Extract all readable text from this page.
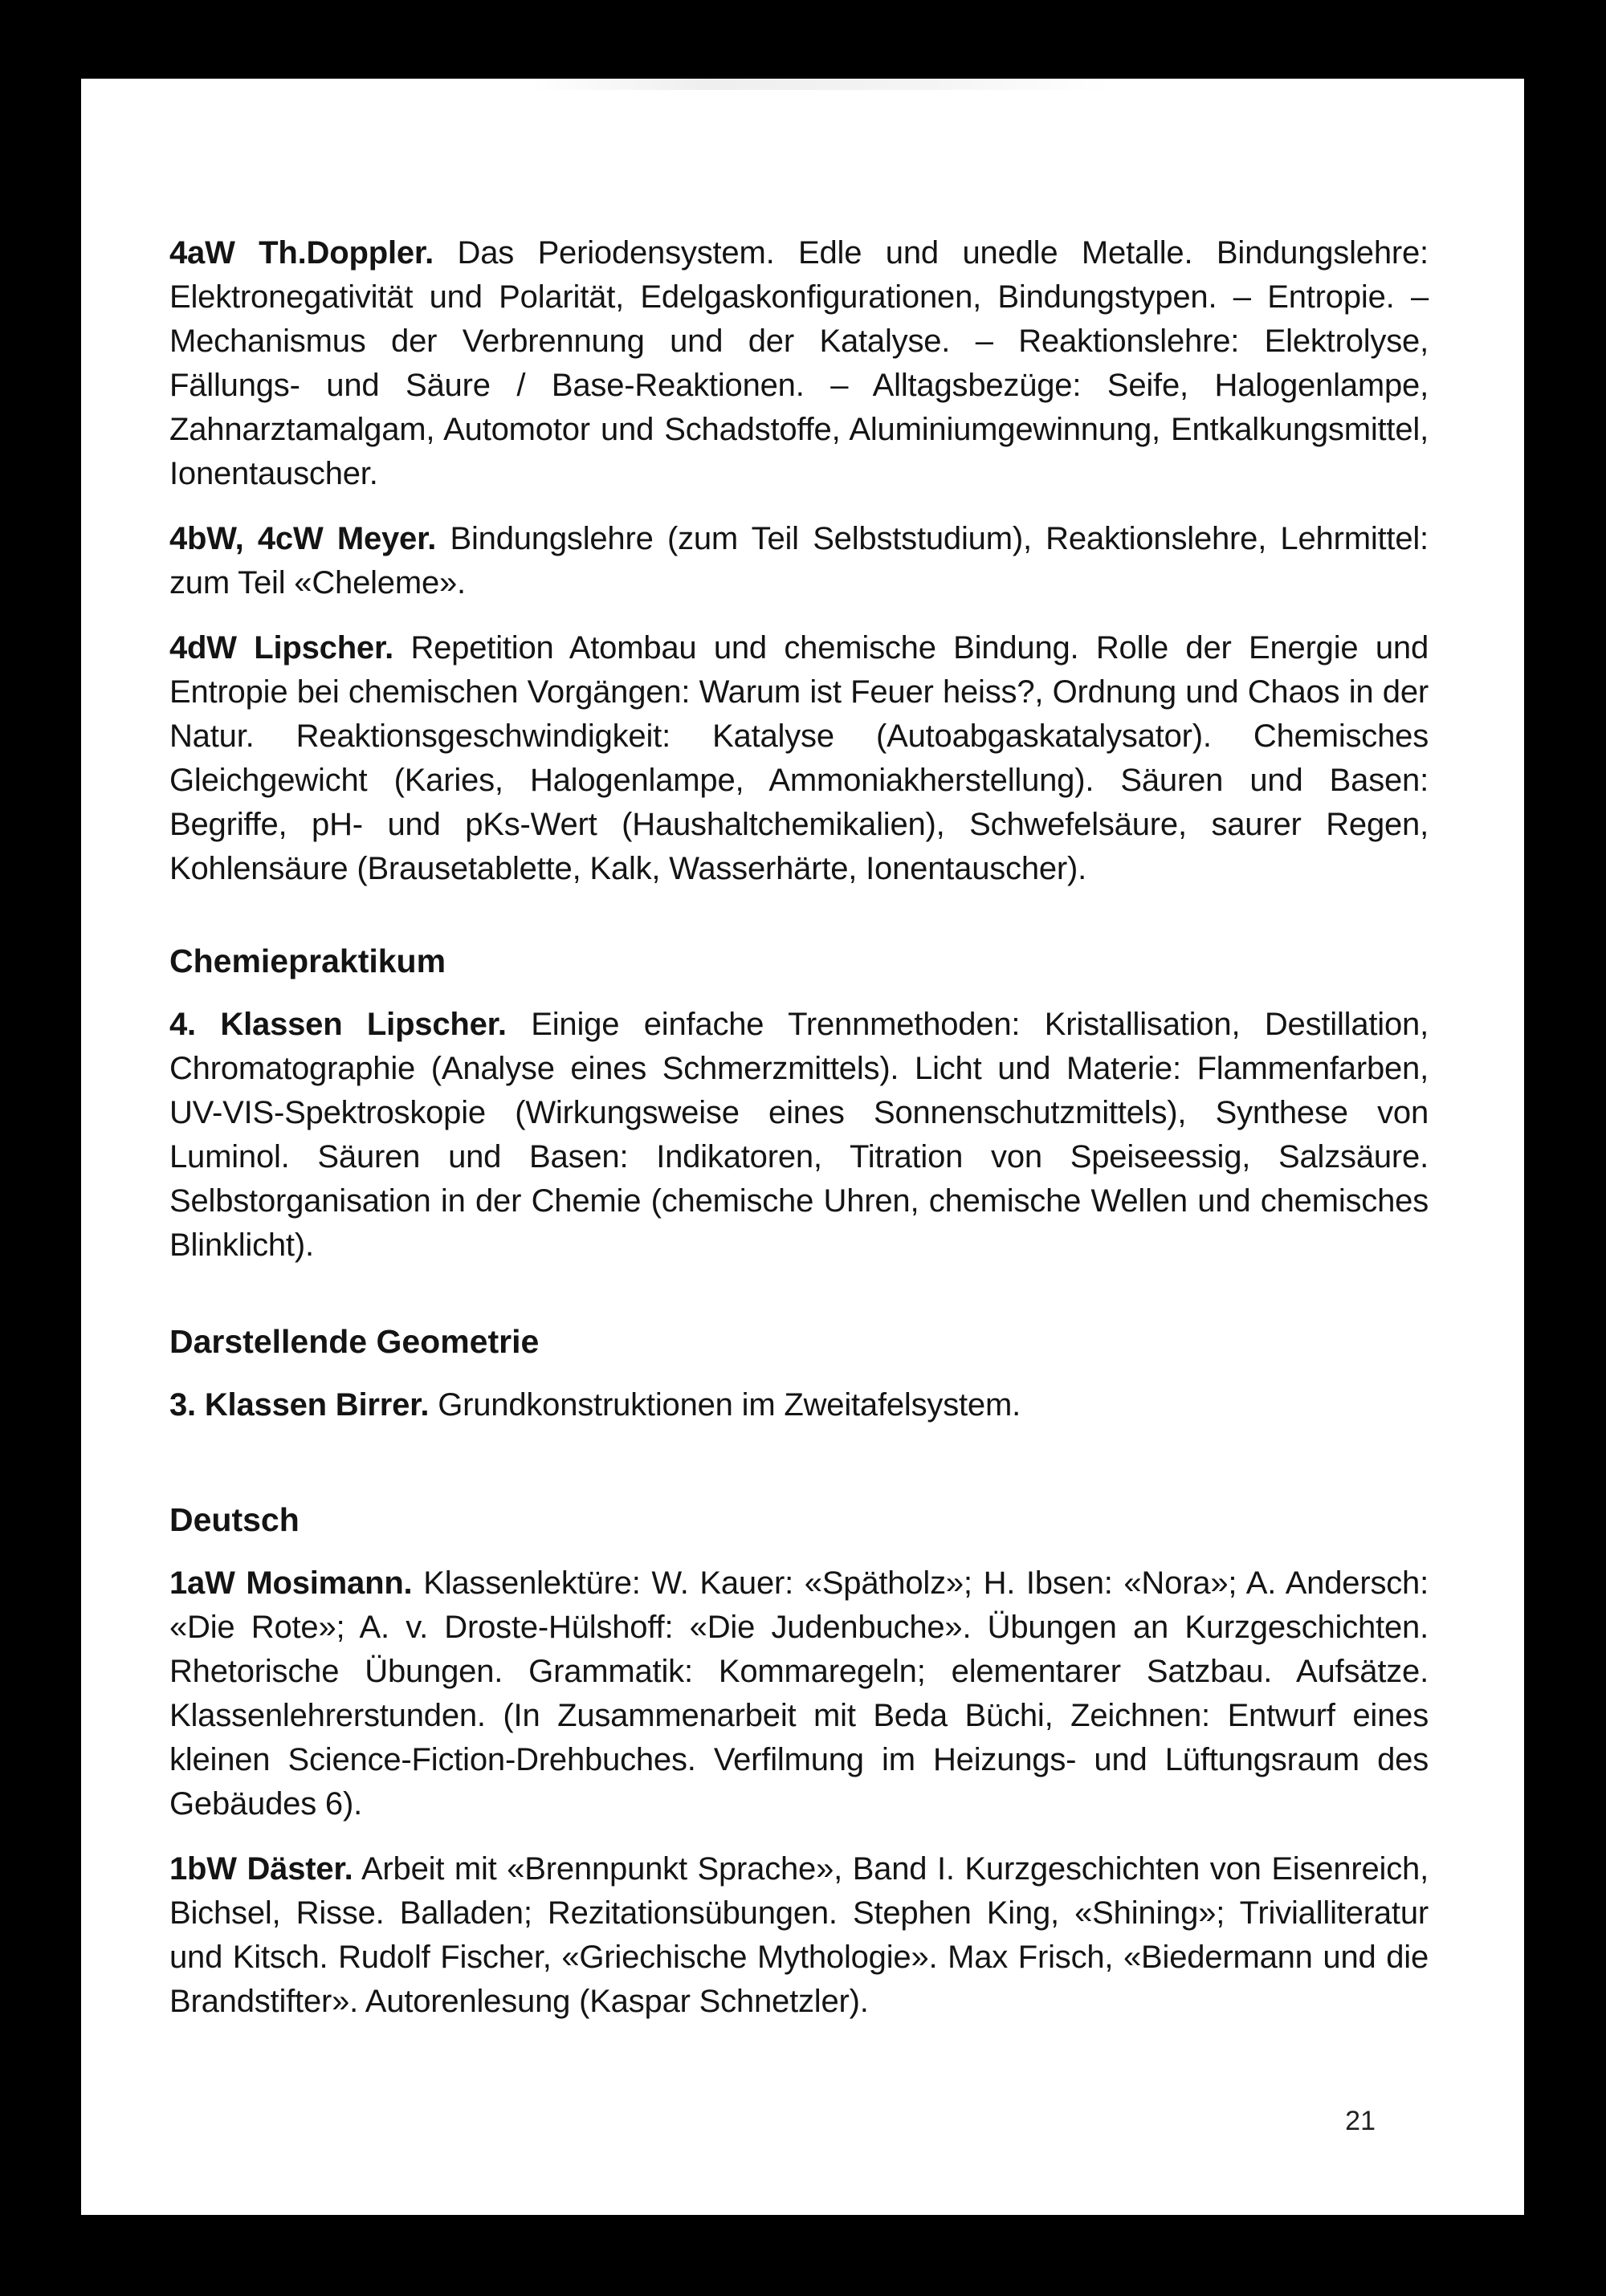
4aW Th.Doppler. Das Periodensystem. Edle und unedle Metalle. Bindungslehre: Elektronegativität und Polarität, Edelgaskonfigurationen, Bindungstypen. – Entropie. – Mechanismus der Verbrennung und der Katalyse. – Reaktionslehre: Elektrolyse, Fällungs- und Säure / Base-Reaktionen. – Alltagsbezüge: Seife, Halogenlampe, Zahnarztamalgam, Automotor und Schadstoffe, Aluminiumgewinnung, Entkalkungsmittel, Ionentauscher.

4bW, 4cW Meyer. Bindungslehre (zum Teil Selbststudium), Reaktionslehre, Lehrmittel: zum Teil «Cheleme».

4dW Lipscher. Repetition Atombau und chemische Bindung. Rolle der Energie und Entropie bei chemischen Vorgängen: Warum ist Feuer heiss?, Ordnung und Chaos in der Natur. Reaktionsgeschwindigkeit: Katalyse (Autoabgaskatalysator). Chemisches Gleichgewicht (Karies, Halogenlampe, Ammoniakherstellung). Säuren und Basen: Begriffe, pH- und pKs-Wert (Haushaltchemikalien), Schwefelsäure, saurer Regen, Kohlensäure (Brausetablette, Kalk, Wasserhärte, Ionentauscher).

Chemiepraktikum

4. Klassen Lipscher. Einige einfache Trennmethoden: Kristallisation, Destillation, Chromatographie (Analyse eines Schmerzmittels). Licht und Materie: Flammenfarben, UV-VIS-Spektroskopie (Wirkungsweise eines Sonnenschutzmittels), Synthese von Luminol. Säuren und Basen: Indikatoren, Titration von Speiseessig, Salzsäure. Selbstorganisation in der Chemie (chemische Uhren, chemische Wellen und chemisches Blinklicht).

Darstellende Geometrie

3. Klassen Birrer. Grundkonstruktionen im Zweitafelsystem.

Deutsch

1aW Mosimann. Klassenlektüre: W. Kauer: «Spätholz»; H. Ibsen: «Nora»; A. Andersch: «Die Rote»; A. v. Droste-Hülshoff: «Die Judenbuche». Übungen an Kurzgeschichten. Rhetorische Übungen. Grammatik: Kommaregeln; elementarer Satzbau. Aufsätze. Klassenlehrerstunden. (In Zusammenarbeit mit Beda Büchi, Zeichnen: Entwurf eines kleinen Science-Fiction-Drehbuches. Verfilmung im Heizungs- und Lüftungsraum des Gebäudes 6).

1bW Däster. Arbeit mit «Brennpunkt Sprache», Band I. Kurzgeschichten von Eisenreich, Bichsel, Risse. Balladen; Rezitationsübungen. Stephen King, «Shining»; Trivialliteratur und Kitsch. Rudolf Fischer, «Griechische Mythologie». Max Frisch, «Biedermann und die Brandstifter». Autorenlesung (Kaspar Schnetzler).

21
